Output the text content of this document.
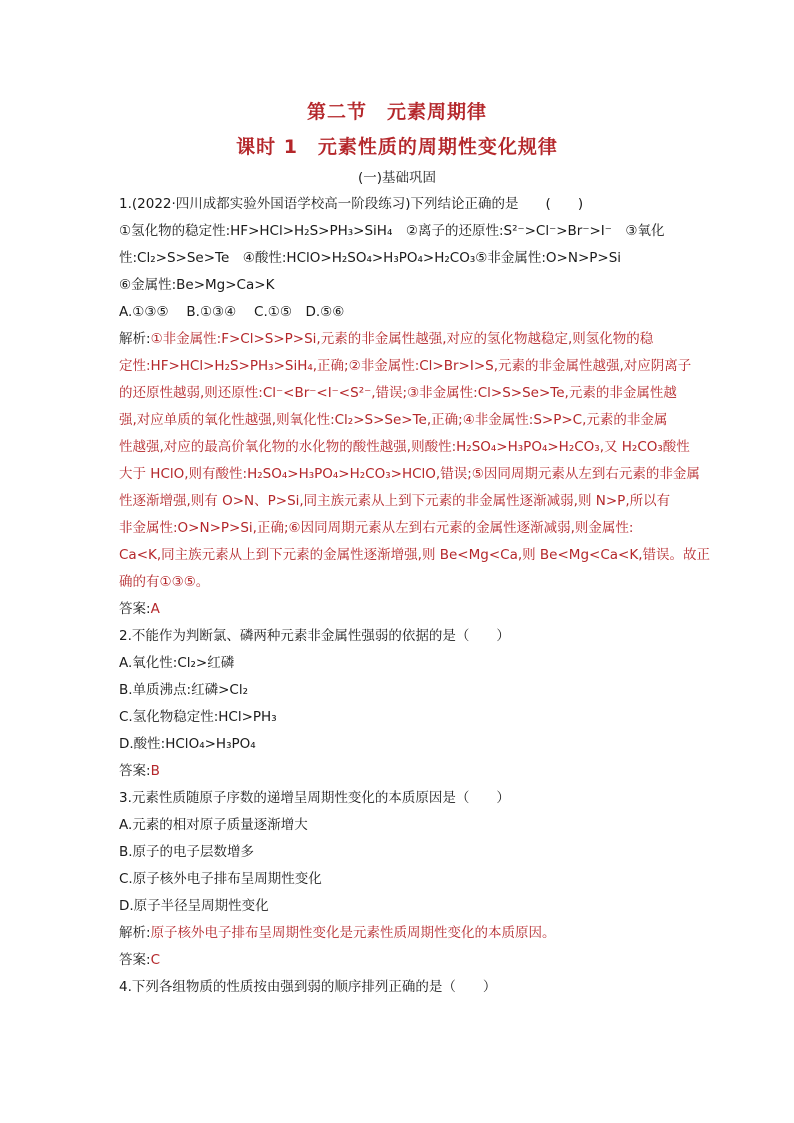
第二节　元素周期律
课时 1　元素性质的周期性变化规律
(一)基础巩固
1.(2022·四川成都实验外国语学校高一阶段练习)下列结论正确的是　　(　　)
①氢化物的稳定性:HF>HCl>H₂S>PH₃>SiH₄　②离子的还原性:S²⁻>Cl⁻>Br⁻>I⁻　③氧化
性:Cl₂>S>Se>Te　④酸性:HClO>H₂SO₄>H₃PO₄>H₂CO₃⑤非金属性:O>N>P>Si
⑥金属性:Be>Mg>Ca>K
A.①③⑤　 B.①③④　 C.①⑤　D.⑤⑥
解析:①非金属性:F>Cl>S>P>Si,元素的非金属性越强,对应的氢化物越稳定,则氢化物的稳
定性:HF>HCl>H₂S>PH₃>SiH₄,正确;②非金属性:Cl>Br>I>S,元素的非金属性越强,对应阴离子
的还原性越弱,则还原性:Cl⁻<Br⁻<I⁻<S²⁻,错误;③非金属性:Cl>S>Se>Te,元素的非金属性越
强,对应单质的氧化性越强,则氧化性:Cl₂>S>Se>Te,正确;④非金属性:S>P>C,元素的非金属
性越强,对应的最高价氧化物的水化物的酸性越强,则酸性:H₂SO₄>H₃PO₄>H₂CO₃,又 H₂CO₃酸性
大于 HClO,则有酸性:H₂SO₄>H₃PO₄>H₂CO₃>HClO,错误;⑤因同周期元素从左到右元素的非金属
性逐渐增强,则有 O>N、P>Si,同主族元素从上到下元素的非金属性逐渐减弱,则 N>P,所以有
非金属性:O>N>P>Si,正确;⑥因同周期元素从左到右元素的金属性逐渐减弱,则金属性:
Ca<K,同主族元素从上到下元素的金属性逐渐增强,则 Be<Mg<Ca,则 Be<Mg<Ca<K,错误。故正
确的有①③⑤。
答案:A
2.不能作为判断氯、磷两种元素非金属性强弱的依据的是（　　）
A.氧化性:Cl₂>红磷
B.单质沸点:红磷>Cl₂
C.氢化物稳定性:HCl>PH₃
D.酸性:HClO₄>H₃PO₄
答案:B
3.元素性质随原子序数的递增呈周期性变化的本质原因是（　　）
A.元素的相对原子质量逐渐增大
B.原子的电子层数增多
C.原子核外电子排布呈周期性变化
D.原子半径呈周期性变化
解析:原子核外电子排布呈周期性变化是元素性质周期性变化的本质原因。
答案:C
4.下列各组物质的性质按由强到弱的顺序排列正确的是（　　）
